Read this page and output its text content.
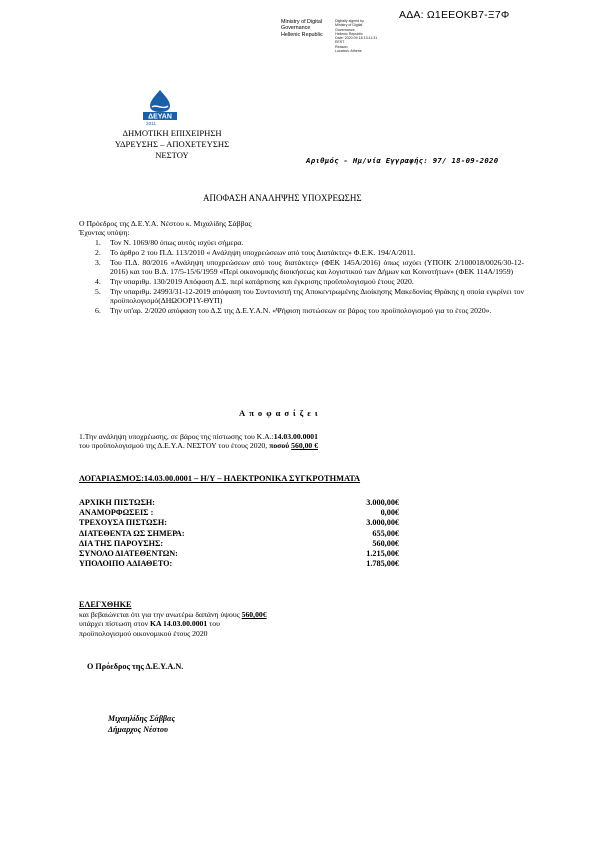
ΑΔΑ: Ω1ΕΕΟΚΒ7-Ξ7Φ
Ministry of Digital
Governance
Hellenic Republic
Digitally signed by
Ministry of Digital
Governance,
Hellenic Republic
Date: 2020.09.18 13:11:31
EEST
Reason:
Location: Athens
ΔΕΥΑΝ
2011
ΔΗΜΟΤΙΚΗ ΕΠΙΧΕΙΡΗΣΗ
ΥΔΡΕΥΣΗΣ – ΑΠΟΧΕΤΕΥΣΗΣ
ΝΕΣΤΟΥ
Αριθμός - Ημ/νία Εγγραφής: 97/ 18-09-2020
ΑΠΟΦΑΣΗ ΑΝΑΛΗΨΗΣ ΥΠΟΧΡΕΩΣΗΣ
Ο Πρόεδρος της Δ.Ε.Υ.Α. Νέστου κ. Μιχαλίδης Σάββας
Έχοντας υπόψη:

1. Τον Ν. 1069/80 όπως αυτός ισχύει σήμερα.

2. Το άρθρο 2 του Π.Δ. 113/2010 « Ανάληψη υποχρεώσεων από τους Διατάκτες» Φ.Ε.Κ. 194/Α/2011.

3. Του Π.Δ. 80/2016 «Ανάληψη υποχρεώσεων από τους διατάκτες» (ΦΕΚ 145Α/2016) όπως ισχύει (ΥΠΟΙΚ 2/100018/0026/30-12-2016) και του Β.Δ. 17/5-15/6/1959 «Περί οικονομικής διοικήσεως και λογιστικού των Δήμων και Κοινοτήτων» (ΦΕΚ 114Α/1959)

4. Την υπαριθμ. 130/2019 Απόφαση Δ.Σ. περί κατάρτισης και έγκρισης προϋπολογισμού έτους 2020.

5. Την υπαριθμ. 24993/31-12-2019 απόφαση του Συντονιστή της Αποκεντρωμένης Διοίκησης Μακεδονίας Θράκης η οποία εγκρίνει τον προϋπολογισμό(ΔΗΩΟΟΡ1Υ-ΘΥΠ)

6. Την υπ'αρ. 2/2020 απόφαση του Δ.Σ της Δ.Ε.Υ.Α.Ν. «Ψήφιση πιστώσεων σε βάρος του προϋπολογισμού για το έτος 2020».

Αποφασίζει
1.Την ανάληψη υποχρέωσης, σε βάρος της πίστωσης του Κ.Α.:14.03.00.0001
του προϋπολογισμού της Δ.Ε.Υ.Α. ΝΕΣΤΟΥ του έτους 2020, ποσού 560,00 €
ΛΟΓΑΡΙΑΣΜΟΣ:14.03.00.0001 – Η/Υ – ΗΛΕΚΤΡΟΝΙΚΑ ΣΥΓΚΡΟΤΗΜΑΤΑ
ΑΡΧΙΚΗ ΠΙΣΤΩΣΗ:	3.000,00€
ΑΝΑΜΟΡΦΩΣΕΙΣ :	0,00€
ΤΡΕΧΟΥΣΑ ΠΙΣΤΩΣΗ:	3.000,00€
ΔΙΑΤΕΘΕΝΤΑ ΩΣ ΣΗΜΕΡΑ:	655,00€
ΔΙΑ ΤΗΣ ΠΑΡΟΥΣΗΣ:	560,00€
ΣΥΝΟΛΟ ΔΙΑΤΕΘΕΝΤΩΝ:	1.215,00€
ΥΠΟΛΟΙΠΟ ΑΔΙΑΘΕΤΟ:	1.785,00€
ΕΛΕΓΧΘΗΚΕ
και βεβαιώνεται ότι για την ανωτέρω δαπάνη ύψους 560,00€
υπάρχει πίστωση στον ΚΑ 14.03.00.0001 του
προϋπολογισμού οικονομικού έτους 2020
Ο Πρόεδρος της Δ.Ε.Υ.Α.Ν.
Μιχαηλίδης Σάββας
Δήμαρχος Νέστου
